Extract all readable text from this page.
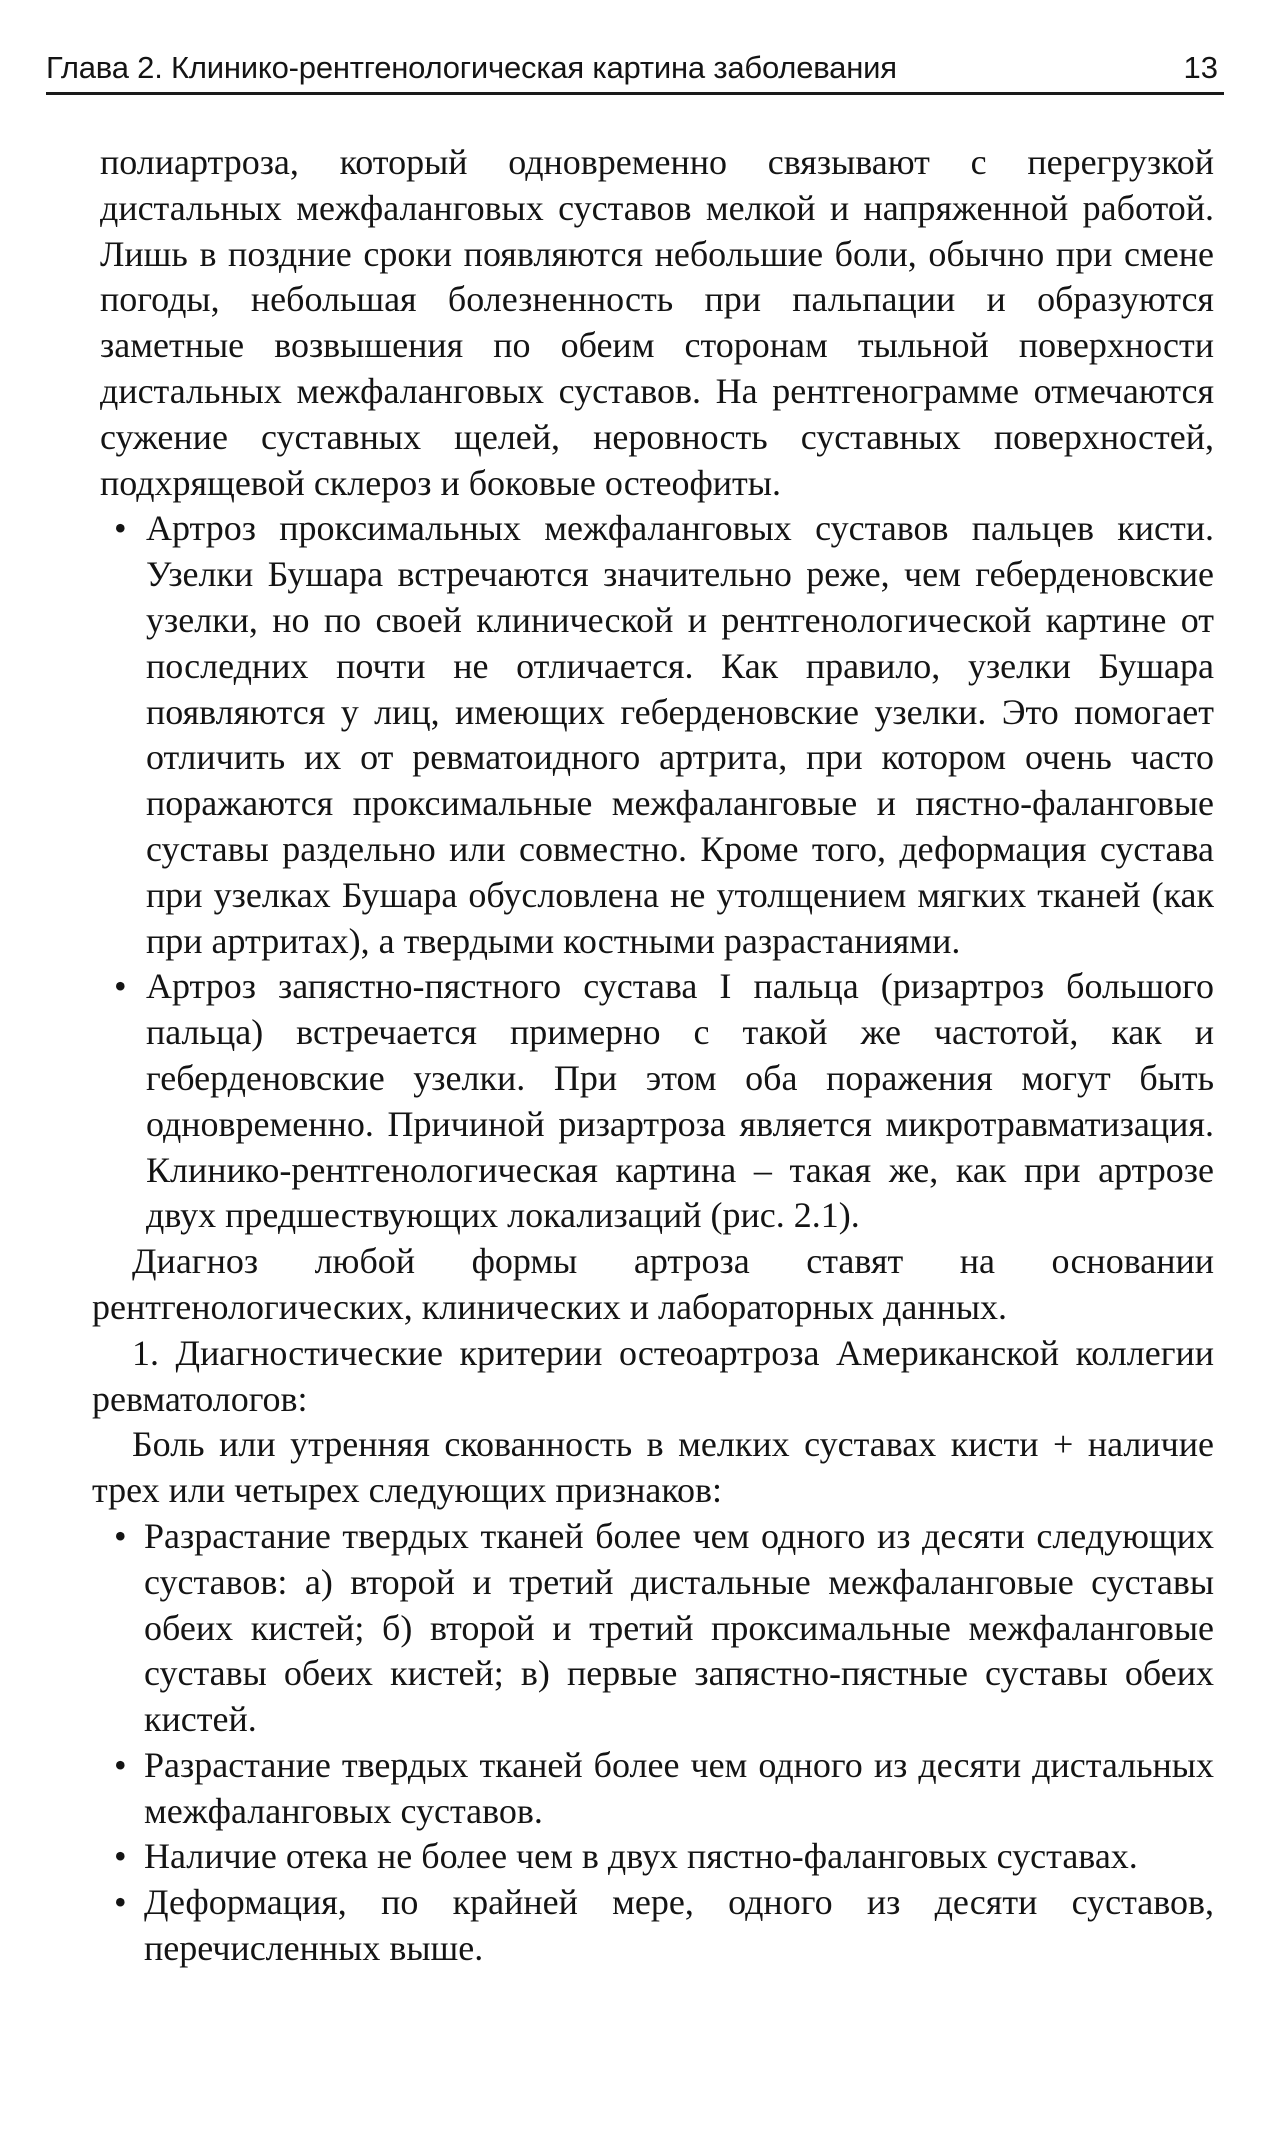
Глава 2. Клинико-рентгенологическая картина заболевания	13

полиартроза, который одновременно связывают с перегрузкой дистальных межфаланговых суставов мелкой и напряженной работой. Лишь в поздние сроки появляются небольшие боли, обычно при смене погоды, небольшая болезненность при пальпации и образуются заметные возвышения по обеим сторонам тыльной поверхности дистальных межфаланговых суставов. На рентгенограмме отмечаются сужение суставных щелей, неровность суставных поверхностей, подхрящевой склероз и боковые остеофиты.

• Артроз проксимальных межфаланговых суставов пальцев кисти. Узелки Бушара встречаются значительно реже, чем геберденовские узелки, но по своей клинической и рентгенологической картине от последних почти не отличается. Как правило, узелки Бушара появляются у лиц, имеющих геберденовские узелки. Это помогает отличить их от ревматоидного артрита, при котором очень часто поражаются проксимальные межфаланговые и пястно-фаланговые суставы раздельно или совместно. Кроме того, деформация сустава при узелках Бушара обусловлена не утолщением мягких тканей (как при артритах), а твердыми костными разрастаниями.
• Артроз запястно-пястного сустава I пальца (ризартроз большого пальца) встречается примерно с такой же частотой, как и геберденовские узелки. При этом оба поражения могут быть одновременно. Причиной ризартроза является микротравматизация. Клинико-рентгенологическая картина – такая же, как при артрозе двух предшествующих локализаций (рис. 2.1).

Диагноз любой формы артроза ставят на основании рентгенологических, клинических и лабораторных данных.

1. Диагностические критерии остеоартроза Американской коллегии ревматологов:

Боль или утренняя скованность в мелких суставах кисти + наличие трех или четырех следующих признаков:

• Разрастание твердых тканей более чем одного из десяти следующих суставов: а) второй и третий дистальные межфаланговые суставы обеих кистей; б) второй и третий проксимальные межфаланговые суставы обеих кистей; в) первые запястно-пястные суставы обеих кистей.
• Разрастание твердых тканей более чем одного из десяти дистальных межфаланговых суставов.
• Наличие отека не более чем в двух пястно-фаланговых суставах.
• Деформация, по крайней мере, одного из десяти суставов, перечисленных выше.
